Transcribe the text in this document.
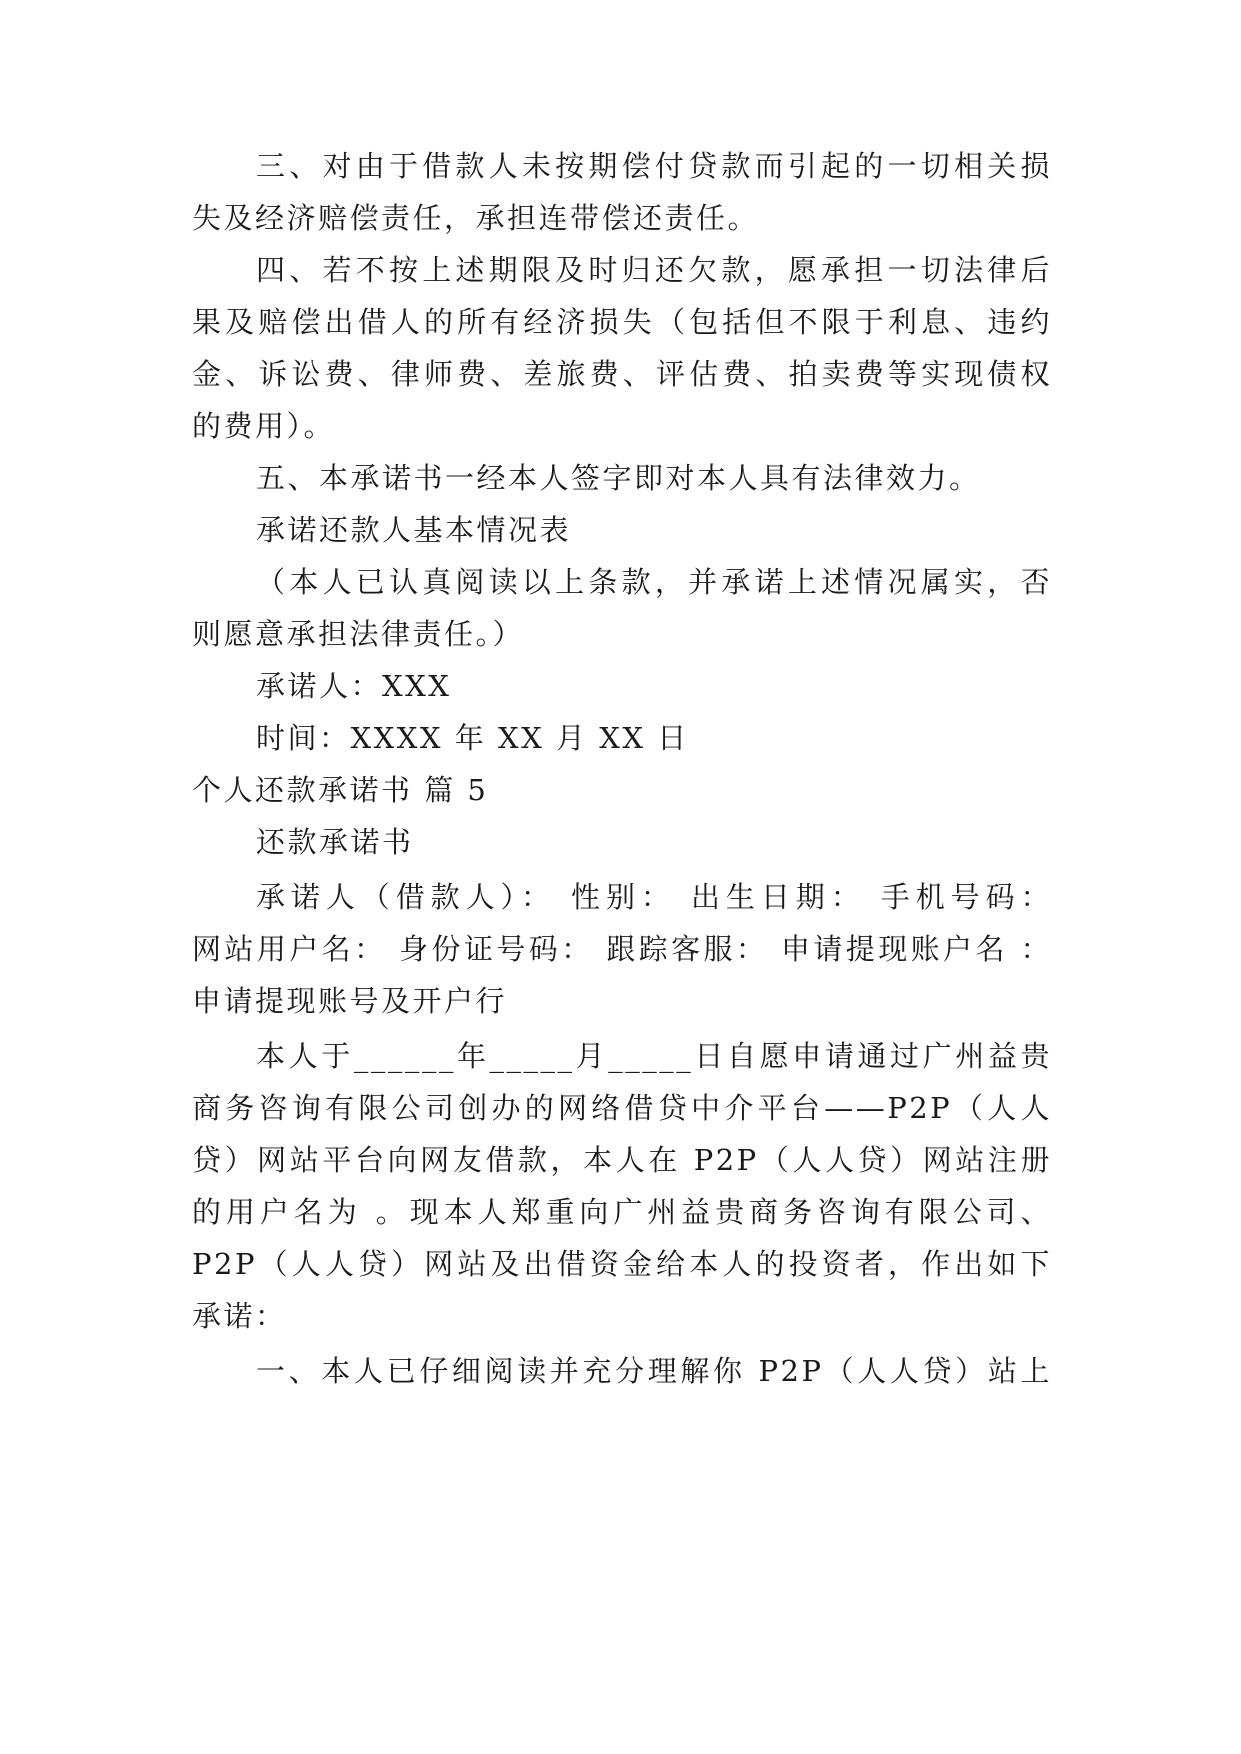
三、对由于借款人未按期偿付贷款而引起的一切相关损
失及经济赔偿责任，承担连带偿还责任。
四、若不按上述期限及时归还欠款，愿承担一切法律后
果及赔偿出借人的所有经济损失（包括但不限于利息、违约
金、诉讼费、律师费、差旅费、评估费、拍卖费等实现债权
的费用）。
五、本承诺书一经本人签字即对本人具有法律效力。
承诺还款人基本情况表
（本人已认真阅读以上条款，并承诺上述情况属实，否
则愿意承担法律责任。）
承诺人：XXX
时间：XXXX 年 XX 月 XX 日
个人还款承诺书 篇 5
还款承诺书
承诺人（借款人）： 性别： 出生日期： 手机号码：
网站用户名： 身份证号码： 跟踪客服： 申请提现账户名 ：
申请提现账号及开户行
本人于______年_____月_____日自愿申请通过广州益贵
商务咨询有限公司创办的网络借贷中介平台——P2P（人人
贷）网站平台向网友借款，本人在 P2P（人人贷）网站注册
的用户名为 。现本人郑重向广州益贵商务咨询有限公司、
P2P（人人贷）网站及出借资金给本人的投资者，作出如下
承诺：
一、本人已仔细阅读并充分理解你 P2P（人人贷）站上
